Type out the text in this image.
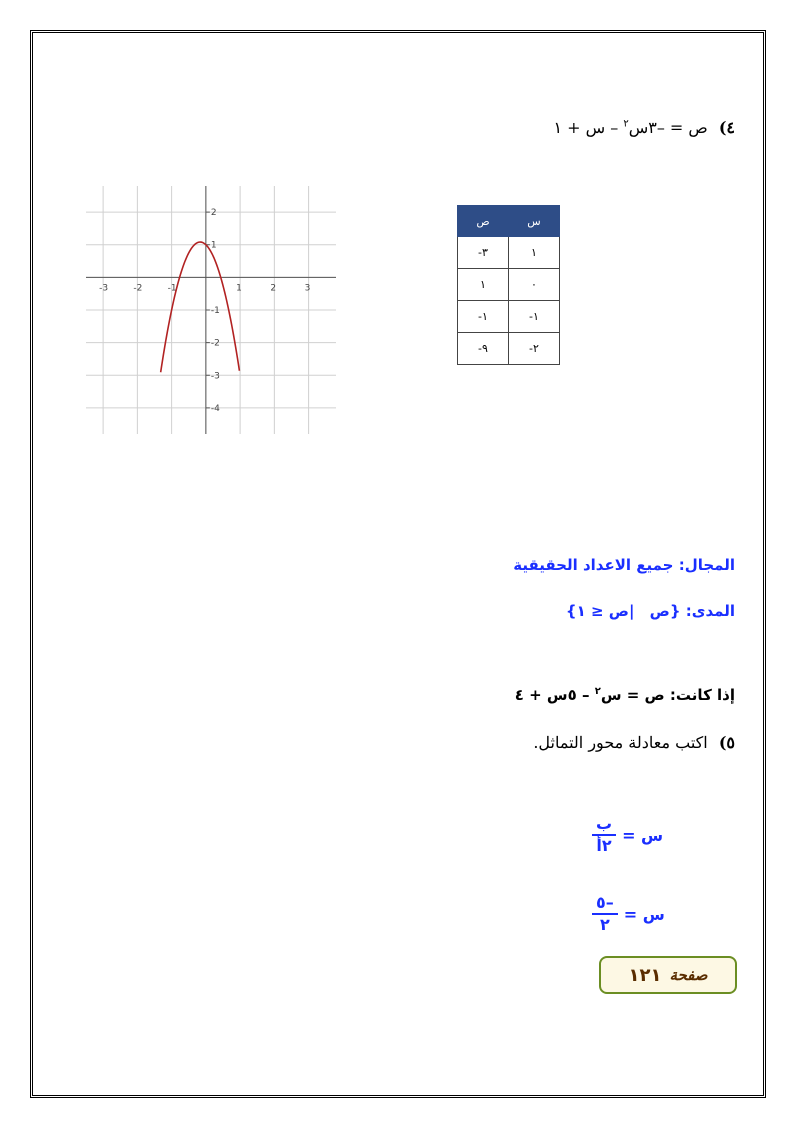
٤) ص = –٣س$^٢$ – س + ١
س	ص
١	٣-
٠	١
١-	١-
٢-	٩-
-3	-2	-1	1	2	3
2
1
-1
-2
-3
-4
المجال: جميع الاعداد الحقيقية
المدى: {ص |ص ≤ ١}
إذا كانت: ص = س$^٢$ – ٥س + ٤
٥) اكتب معادلة محور التماثل.
س =
$\frac{\text{ب}}{\text{٢أ}}$
س =
$\frac{-٥}{٢}$
صفحة
١٢١
